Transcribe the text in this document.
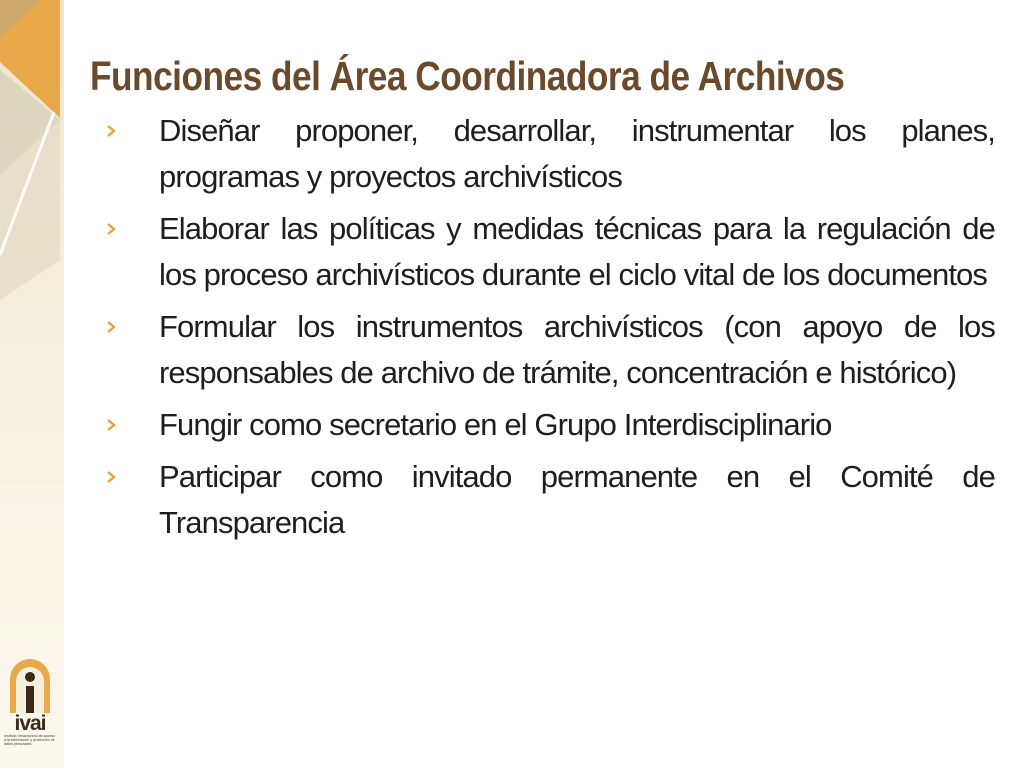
Funciones del Área Coordinadora de Archivos
Diseñar proponer, desarrollar, instrumentar los planes, programas y proyectos archivísticos
Elaborar las políticas y medidas técnicas para la regulación de los proceso archivísticos durante el ciclo vital de los documentos
Formular los instrumentos archivísticos (con apoyo de los responsables de archivo de trámite, concentración e histórico)
Fungir como secretario en el Grupo Interdisciplinario
Participar como invitado permanente en el Comité de Transparencia
ivai
Instituto Veracruzano de acceso a la información y protección de datos personales
